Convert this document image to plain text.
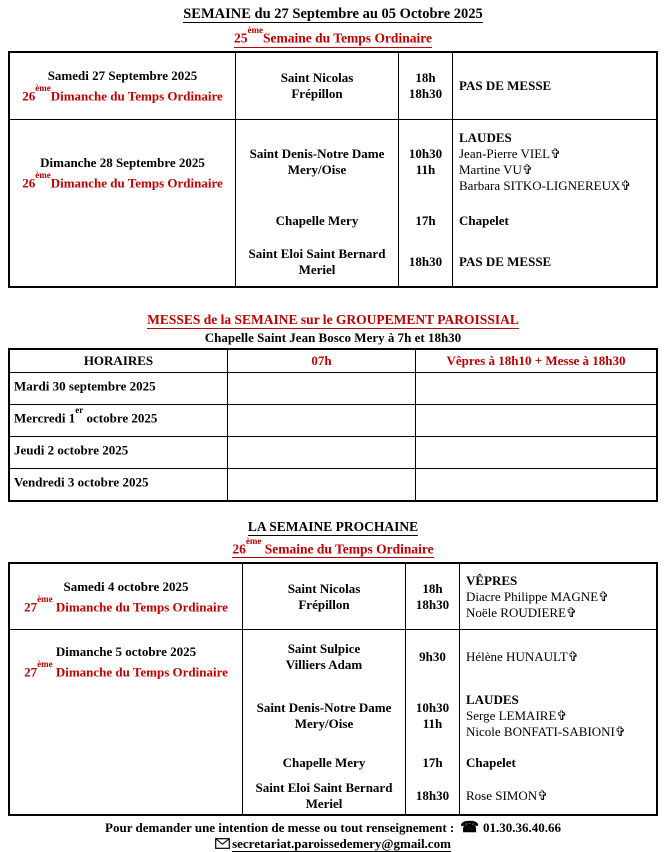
SEMAINE du 27 Septembre au 05 Octobre 2025
25èmeSemaine du Temps Ordinaire
Samedi 27 Septembre 2025
26èmeDimanche du Temps Ordinaire
Saint Nicolas
Frépillon
18h
18h30
PAS DE MESSE
Dimanche 28 Septembre 2025
26èmeDimanche du Temps Ordinaire
Saint Denis-Notre Dame
Mery/Oise
Chapelle Mery
Saint Eloi Saint Bernard
Meriel
10h30
11h
17h
18h30
LAUDES
Jean-Pierre VIEL✞
Martine VU✞
Barbara SITKO-LIGNEREUX✞
Chapelet
PAS DE MESSE
MESSES de la SEMAINE sur le GROUPEMENT PAROISSIAL
Chapelle Saint Jean Bosco Mery à 7h et 18h30
HORAIRES	07h	Vêpres à 18h10 + Messe à 18h30
Mardi 30 septembre 2025
Mercredi 1er octobre 2025
Jeudi 2 octobre 2025
Vendredi 3 octobre 2025
LA SEMAINE PROCHAINE
26ème Semaine du Temps Ordinaire
Samedi 4 octobre 2025
27ème Dimanche du Temps Ordinaire
Saint Nicolas
Frépillon
18h
18h30
VÊPRES
Diacre Philippe MAGNE✞
Noële ROUDIERE✞
Dimanche 5 octobre 2025
27ème Dimanche du Temps Ordinaire
Saint Sulpice
Villiers Adam
Saint Denis-Notre Dame
Mery/Oise
Chapelle Mery
Saint Eloi Saint Bernard
Meriel
9h30
10h30
11h
17h
18h30
Hélène HUNAULT✞
LAUDES
Serge LEMAIRE✞
Nicole BONFATI-SABIONI✞
Chapelet
Rose SIMON✞
Pour demander une intention de messe ou tout renseignement : ☎ 01.30.36.40.66
secretariat.paroissedemery@gmail.com
